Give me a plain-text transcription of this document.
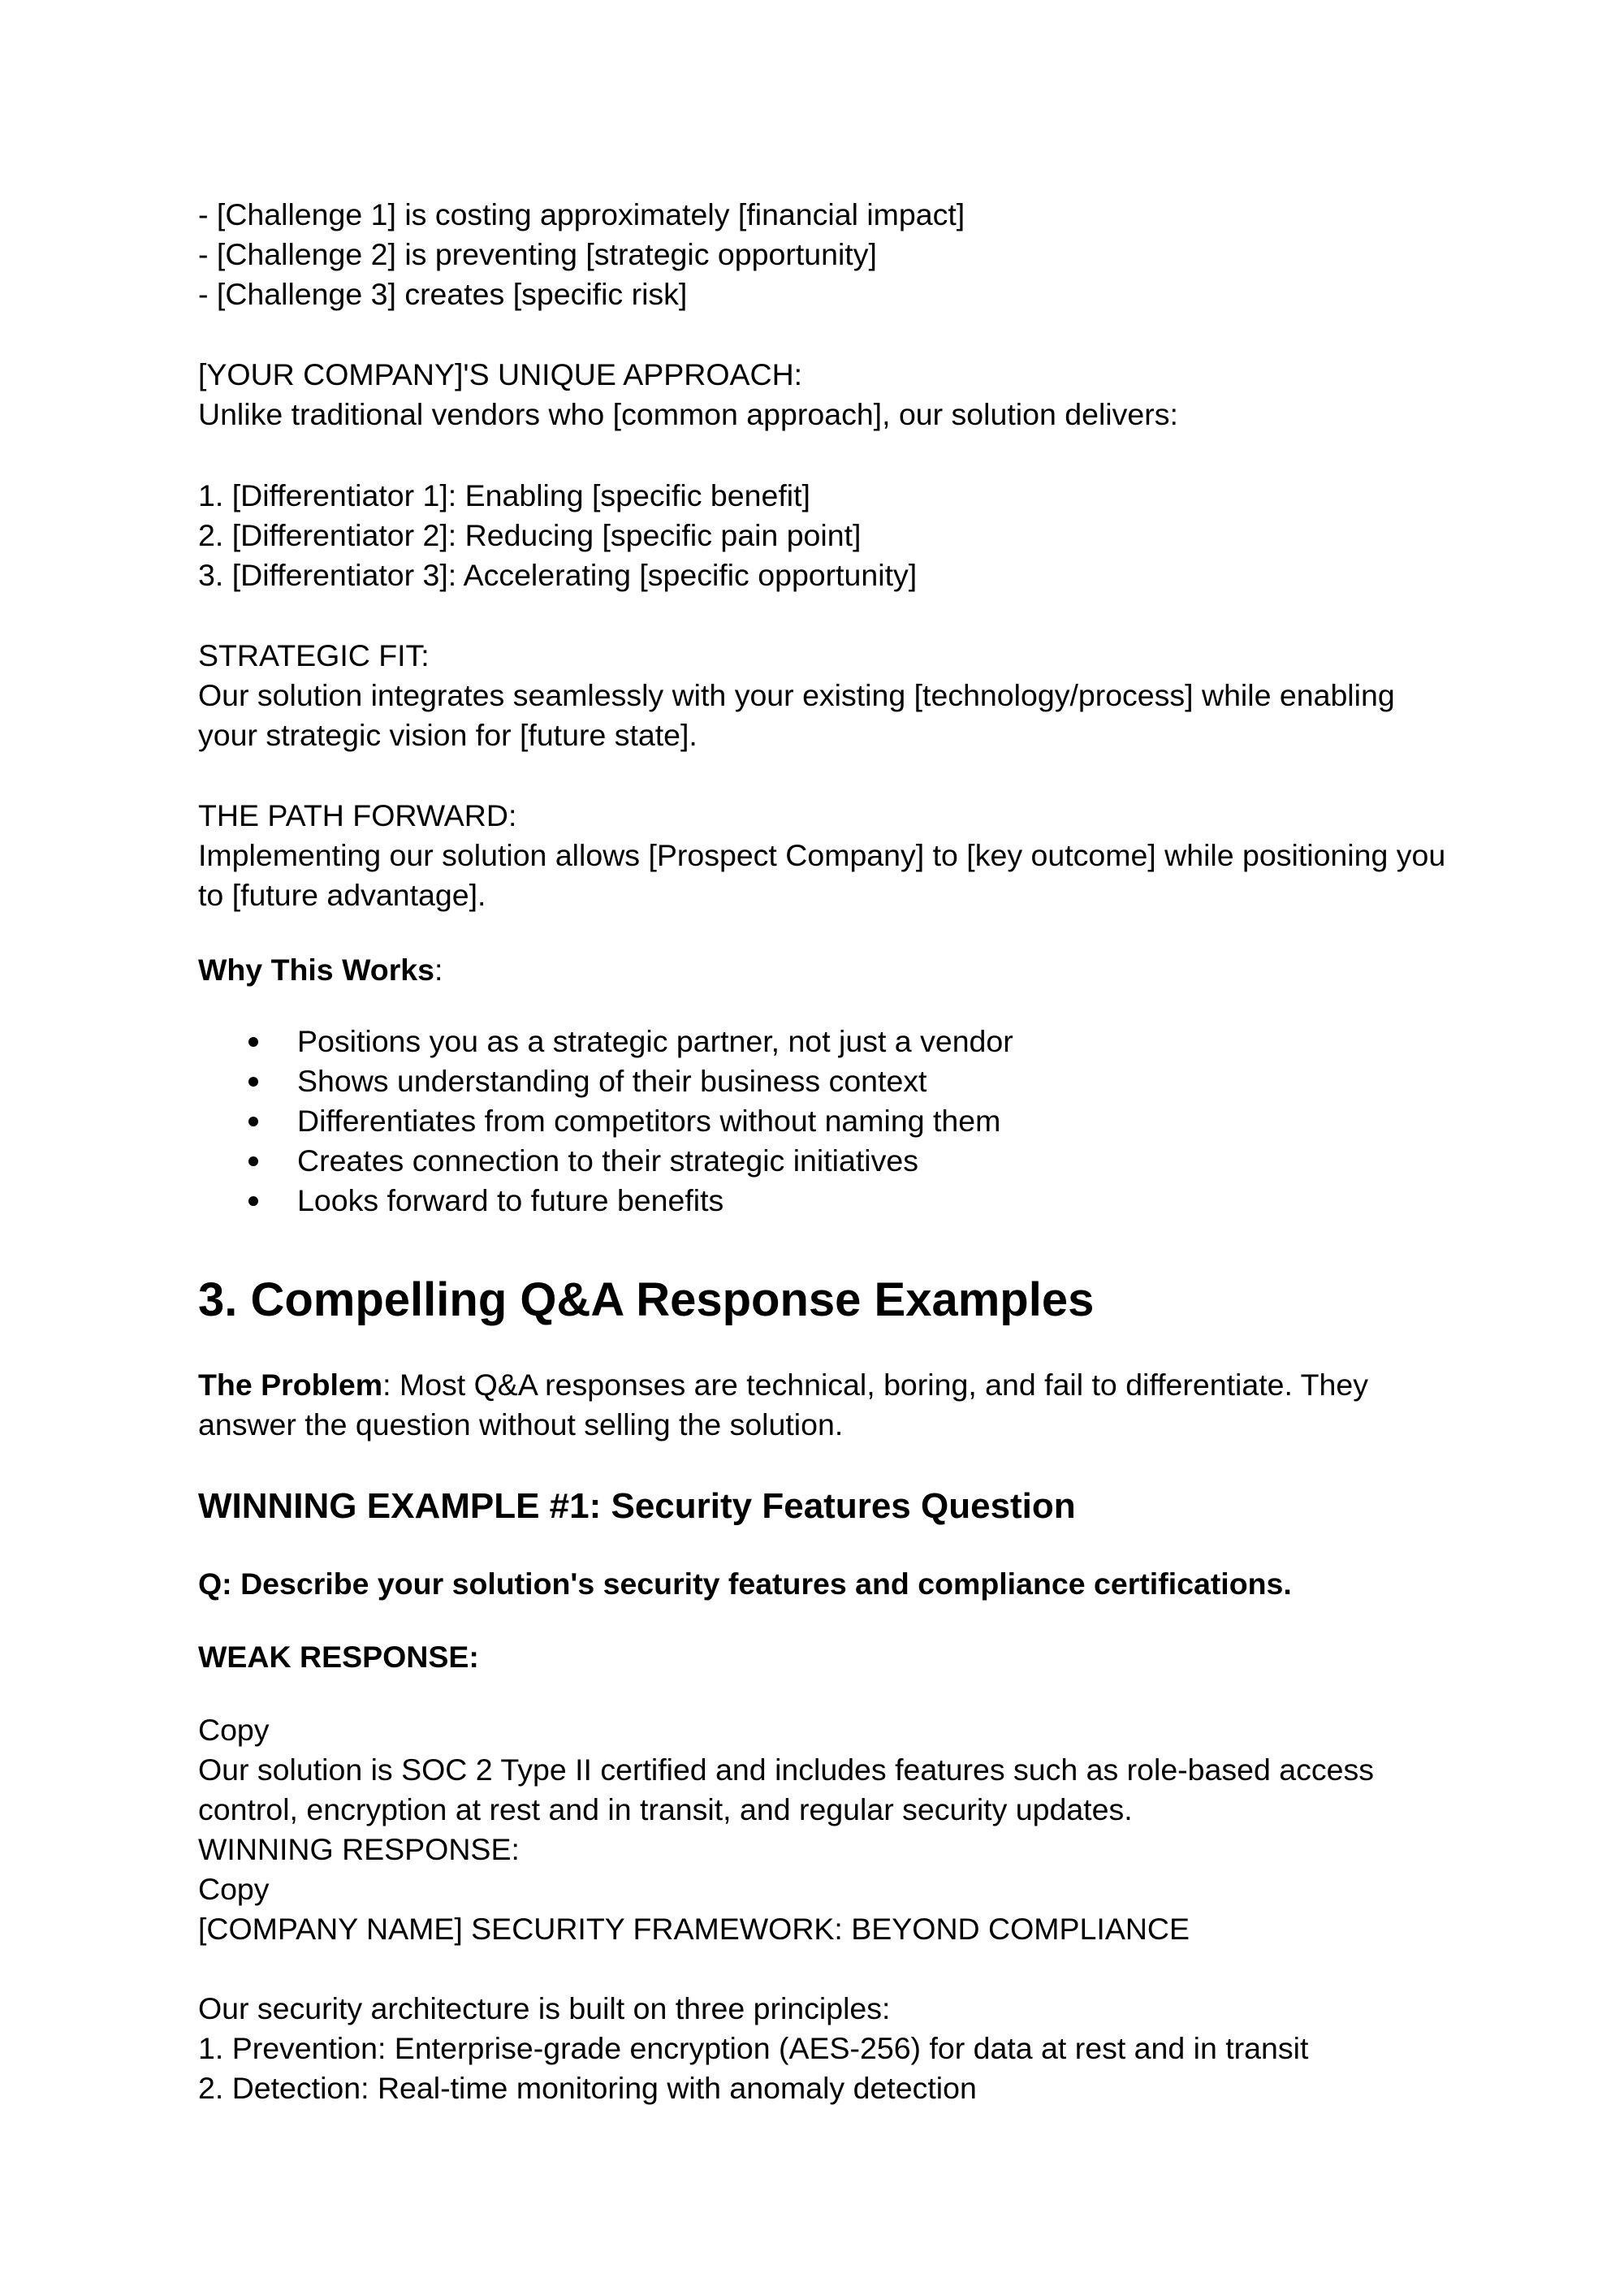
- [Challenge 1] is costing approximately [financial impact]

- [Challenge 2] is preventing [strategic opportunity]

- [Challenge 3] creates [specific risk]

[YOUR COMPANY]'S UNIQUE APPROACH:

Unlike traditional vendors who [common approach], our solution delivers:

1. [Differentiator 1]: Enabling [specific benefit]

2. [Differentiator 2]: Reducing [specific pain point]

3. [Differentiator 3]: Accelerating [specific opportunity]

STRATEGIC FIT:

Our solution integrates seamlessly with your existing [technology/process] while enabling

your strategic vision for [future state].

THE PATH FORWARD:

Implementing our solution allows [Prospect Company] to [key outcome] while positioning you

to [future advantage].

Why This Works:

Positions you as a strategic partner, not just a vendor
Shows understanding of their business context
Differentiates from competitors without naming them
Creates connection to their strategic initiatives
Looks forward to future benefits
3. Compelling Q&A Response Examples

The Problem: Most Q&A responses are technical, boring, and fail to differentiate. They

answer the question without selling the solution.

WINNING EXAMPLE #1: Security Features Question
Q: Describe your solution's security features and compliance certifications.
WEAK RESPONSE:

Copy

Our solution is SOC 2 Type II certified and includes features such as role-based access

control, encryption at rest and in transit, and regular security updates.

WINNING RESPONSE:

Copy

[COMPANY NAME] SECURITY FRAMEWORK: BEYOND COMPLIANCE

Our security architecture is built on three principles:

1. Prevention: Enterprise-grade encryption (AES-256) for data at rest and in transit

2. Detection: Real-time monitoring with anomaly detection
